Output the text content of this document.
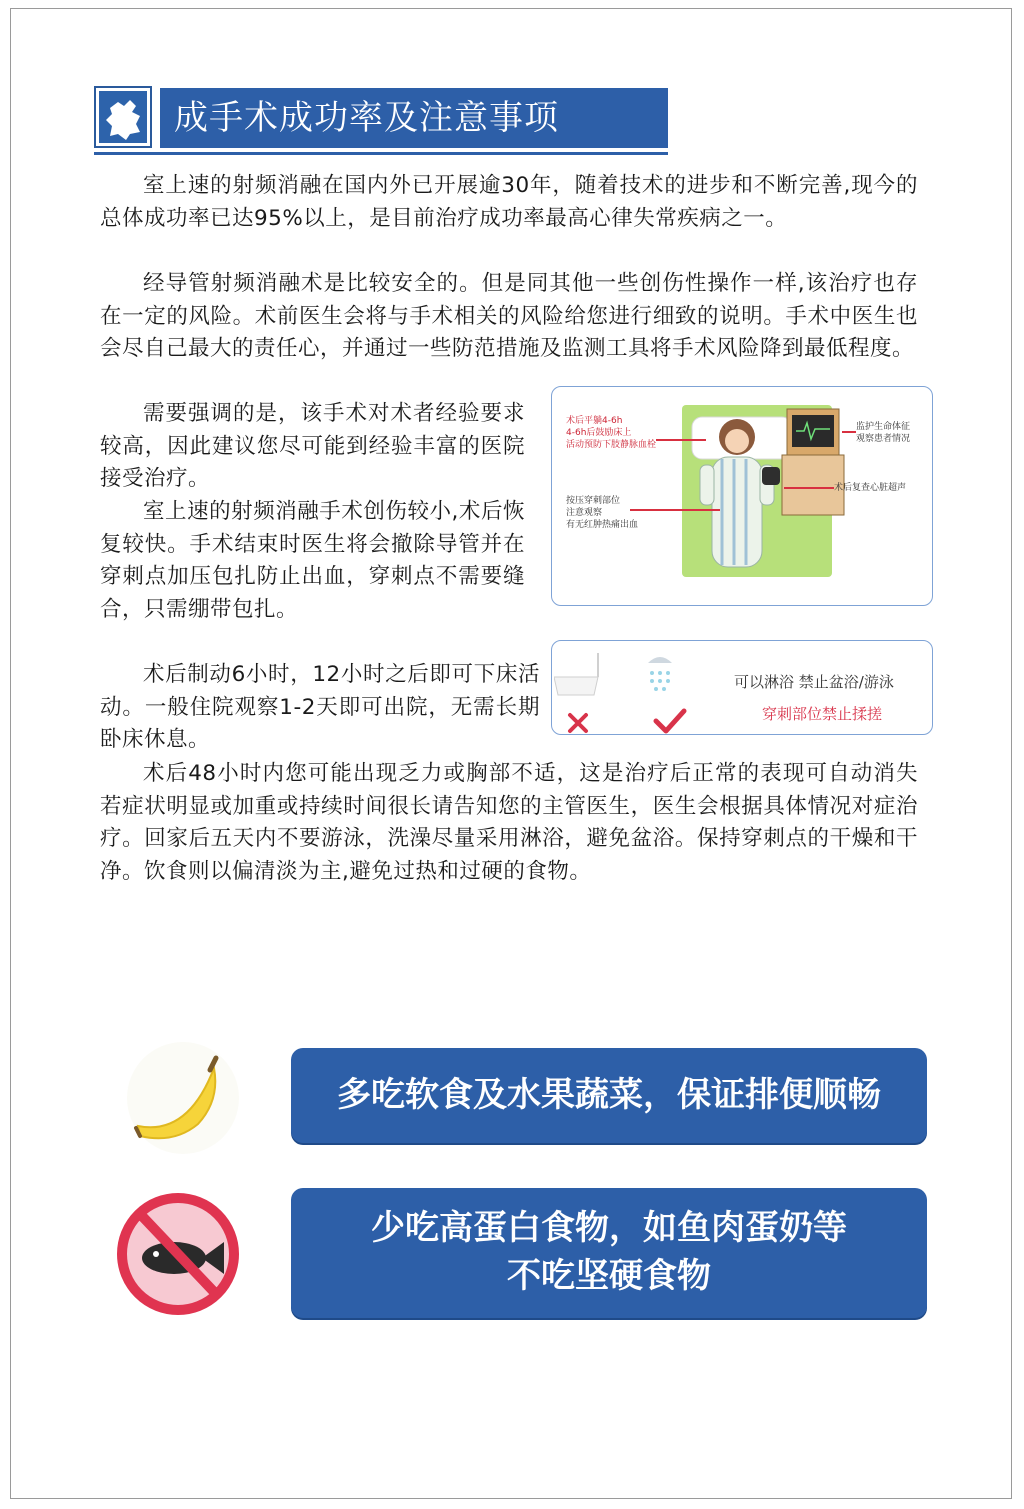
成手术成功率及注意事项

室上速的射频消融在国内外已开展逾30年，随着技术的进步和不断完善,现今的总体成功率已达95%以上，是目前治疗成功率最高心律失常疾病之一。

经导管射频消融术是比较安全的。但是同其他一些创伤性操作一样,该治疗也存在一定的风险。术前医生会将与手术相关的风险给您进行细致的说明。手术中医生也会尽自己最大的责任心，并通过一些防范措施及监测工具将手术风险降到最低程度。

需要强调的是，该手术对术者经验要求较高，因此建议您尽可能到经验丰富的医院接受治疗。

室上速的射频消融手术创伤较小,术后恢复较快。手术结束时医生将会撤除导管并在穿刺点加压包扎防止出血，穿刺点不需要缝合，只需绷带包扎。

术后制动6小时，12小时之后即可下床活动。一般住院观察1-2天即可出院，无需长期卧床休息。

术后48小时内您可能出现乏力或胸部不适，这是治疗后正常的表现可自动消失若症状明显或加重或持续时间很长请告知您的主管医生，医生会根据具体情况对症治疗。回家后五天内不要游泳，洗澡尽量采用淋浴，避免盆浴。保持穿刺点的干燥和干净。饮食则以偏清淡为主,避免过热和过硬的食物。

术后平躺4-6h
4-6h后鼓励床上
活动预防下肢静脉血栓
按压穿刺部位
注意观察
有无红肿热痛出血
监护生命体征
观察患者情况
术后复查心脏超声
可以淋浴 禁止盆浴/游泳
穿刺部位禁止揉搓
多吃软食及水果蔬菜，保证排便顺畅
少吃高蛋白食物，如鱼肉蛋奶等
不吃坚硬食物
